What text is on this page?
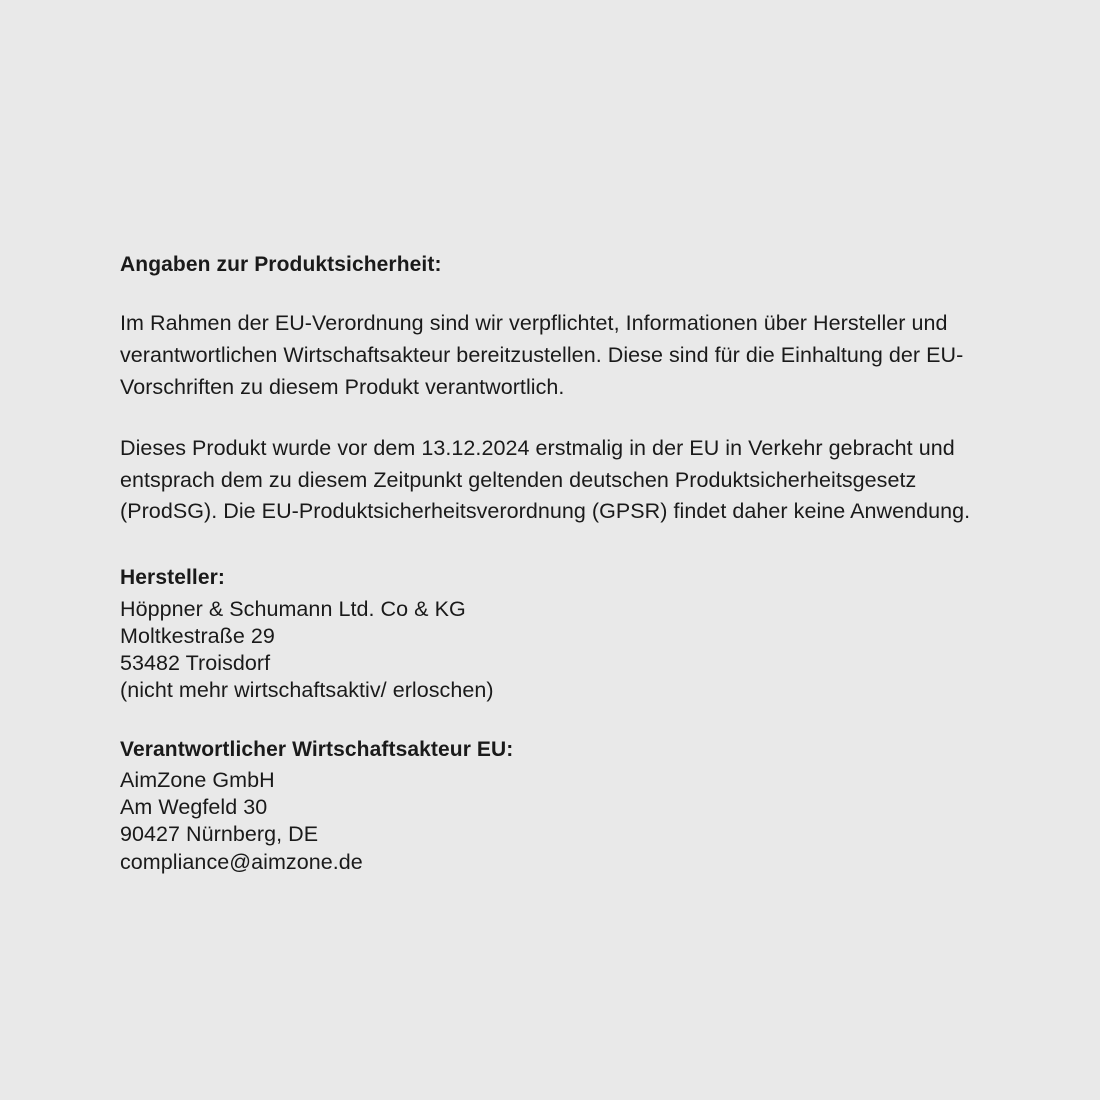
Angaben zur Produktsicherheit:

Im Rahmen der EU-Verordnung sind wir verpflichtet, Informationen über Hersteller und verantwortlichen Wirtschaftsakteur bereitzustellen. Diese sind für die Einhaltung der EU-Vorschriften zu diesem Produkt verantwortlich.

Dieses Produkt wurde vor dem 13.12.2024 erstmalig in der EU in Verkehr gebracht und entsprach dem zu diesem Zeitpunkt geltenden deutschen Produktsicherheitsgesetz (ProdSG). Die EU-Produktsicherheitsverordnung (GPSR) findet daher keine Anwendung.

Hersteller:

Höppner & Schumann Ltd. Co & KG

Moltkestraße 29

53482 Troisdorf

(nicht mehr wirtschaftsaktiv/ erloschen)

Verantwortlicher Wirtschaftsakteur EU:

AimZone GmbH

Am Wegfeld 30

90427 Nürnberg, DE

compliance@aimzone.de
